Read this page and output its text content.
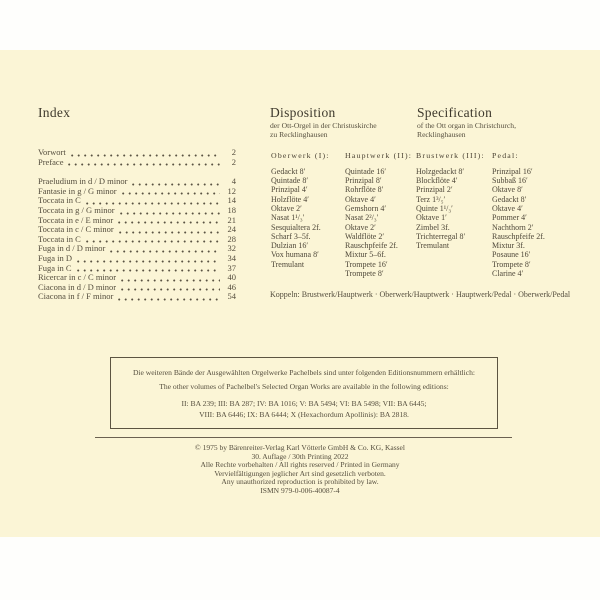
Index
Vorwort	2
Preface	2
Praeludium in d / D minor	4
Fantasie in g / G minor	12
Toccata in C	14
Toccata in g / G minor	18
Toccata in e / E minor	21
Toccata in c / C minor	24
Toccata in C	28
Fuga in d / D minor	32
Fuga in D	34
Fuga in C	37
Ricercar in c / C minor	40
Ciacona in d / D minor	46
Ciacona in f / F minor	54
Disposition
der Ott-Orgel in der Christuskirche
zu Recklinghausen
Specification
of the Ott organ in Christchurch,
Recklinghausen
Oberwerk (I):
Gedackt 8′
Quintade 8′
Prinzipal 4′
Holzflöte 4′
Oktave 2′
Nasat 1¹/₃′
Sesquialtera 2f.
Scharf 3–5f.
Dulzian 16′
Vox humana 8′
Tremulant
Hauptwerk (II):
Quintade 16′
Prinzipal 8′
Rohrflöte 8′
Oktave 4′
Gemshorn 4′
Nasat 2²/₃′
Oktave 2′
Waldflöte 2′
Rauschpfeife 2f.
Mixtur 5–6f.
Trompete 16′
Trompete 8′
Brustwerk (III):
Holzgedackt 8′
Blockflöte 4′
Prinzipal 2′
Terz 1³/₅′
Quinte 1¹/₃′
Oktave 1′
Zimbel 3f.
Trichterregal 8′
Tremulant
Pedal:
Prinzipal 16′
Subbaß 16′
Oktave 8′
Gedackt 8′
Oktave 4′
Pommer 4′
Nachthorn 2′
Rauschpfeife 2f.
Mixtur 3f.
Posaune 16′
Trompete 8′
Clarine 4′
Koppeln: Brustwerk/Hauptwerk · Oberwerk/Hauptwerk · Hauptwerk/Pedal · Oberwerk/Pedal
Die weiteren Bände der Ausgewählten Orgelwerke Pachelbels sind unter folgenden Editionsnummern erhältlich:
The other volumes of Pachelbel's Selected Organ Works are available in the following editions:
II: BA 239; III: BA 287; IV: BA 1016; V: BA 5494; VI: BA 5498; VII: BA 6445;
VIII: BA 6446; IX: BA 6444; X (Hexachordum Apollinis): BA 2818.
© 1975 by Bärenreiter-Verlag Karl Vötterle GmbH & Co. KG, Kassel
30. Auflage / 30th Printing 2022
Alle Rechte vorbehalten / All rights reserved / Printed in Germany
Vervielfältigungen jeglicher Art sind gesetzlich verboten.
Any unauthorized reproduction is prohibited by law.
ISMN 979-0-006-40087-4
